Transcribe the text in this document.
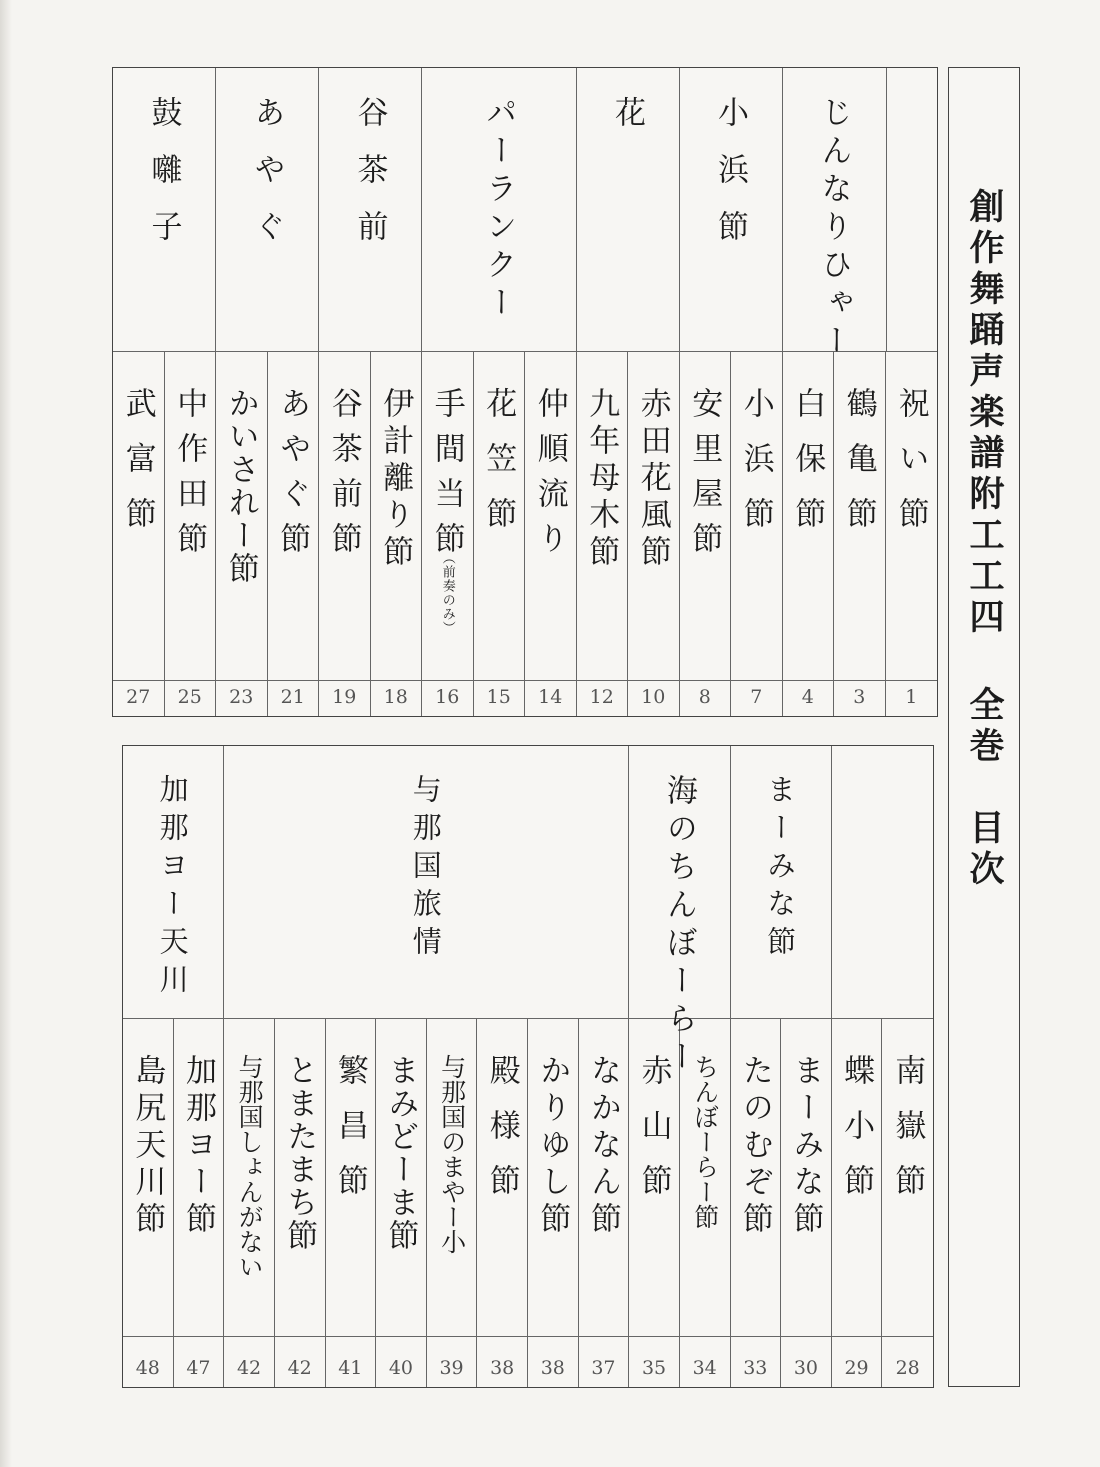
創作舞踊声楽譜附工工四 全巻　目次
祝い節
1
鶴亀節
3
白保節
4
小浜節
7
安里屋節
8
赤田花風節
10
九年母木節
12
仲順流り
14
花笠節
15
手間当節
（前奏のみ）
16
伊計離り節
18
谷茶前節
19
あやぐ節
21
かいされー節
23
中作田節
25
武富節
27
じんなりひゃー
小浜節
花
パーランクー
谷茶前
あやぐ
鼓囃子
南嶽節
28
蝶小節
29
まーみな節
30
たのむぞ節
33
ちんぼーらー節
34
赤山節
35
なかなん節
37
かりゆし節
38
殿様節
38
与那国のまやー小
39
まみどーま節
40
繁昌節
41
とまたまち節
42
与那国しょんがない
42
加那ヨー節
47
島尻天川節
48
まーみな節
海のちんぼーらー
与那国旅情
加那ヨー天川
